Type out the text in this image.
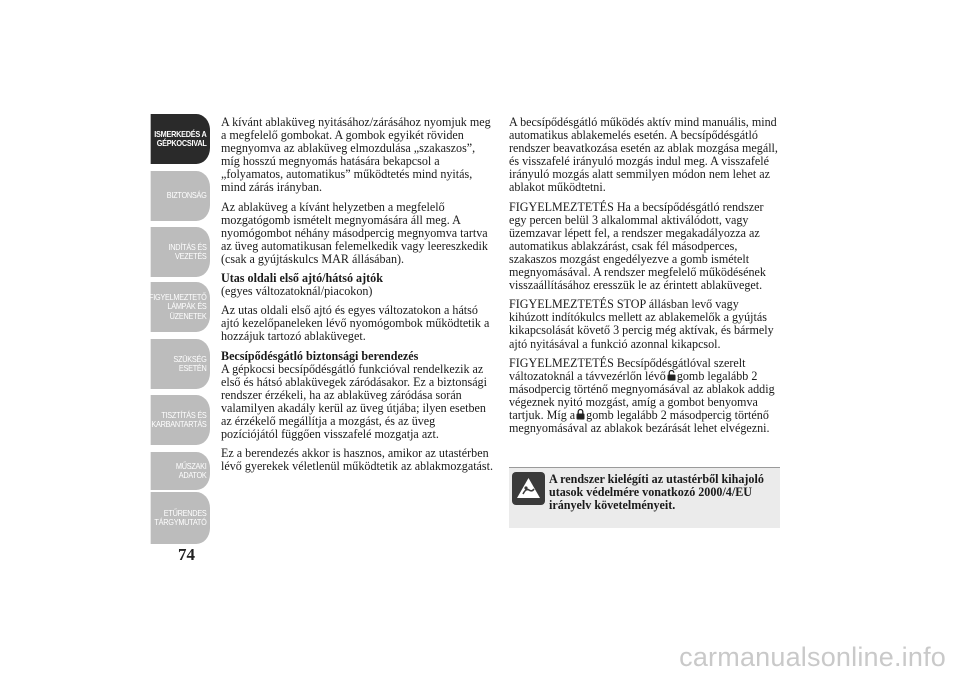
ISMERKEDÉS A
GÉPKOCSIVAL
BIZTONSÁG
INDÍTÁS ÉS
VEZETÉS
FIGYELMEZTETŐ
LÁMPÁK ÉS
ÜZENETEK
SZÜKSÉG ESETÉN
TISZTÍTÁS ÉS
KARBANTARTÁS
MŰSZAKI ADATOK
ETŰRENDES
TÁRGYMUTATÓ
74

A kívánt ablaküveg nyitásához/zárásához nyomjuk meg a megfelelő gombokat. A gombok egyikét röviden megnyomva az ablaküveg elmozdulása „szakaszos”, míg hosszú megnyomás hatására bekapcsol a „folyamatos, automatikus” működtetés mind nyitás, mind zárás irányban.

Az ablaküveg a kívánt helyzetben a megfelelő mozgatógomb ismételt megnyomására áll meg. A nyomógombot néhány másodpercig megnyomva tartva az üveg automatikusan felemelkedik vagy leereszkedik (csak a gyújtáskulcs MAR állásában).

Utas oldali első ajtó/hátsó ajtók

(egyes változatoknál/piacokon)

Az utas oldali első ajtó és egyes változatokon a hátsó ajtó kezelőpaneleken lévő nyomógombok működtetik a hozzájuk tartozó ablaküveget.

Becsípődésgátló biztonsági berendezés

A gépkocsi becsípődésgátló funkcióval rendelkezik az első és hátsó ablaküvegek záródásakor. Ez a biztonsági rendszer érzékeli, ha az ablaküveg záródása során valamilyen akadály kerül az üveg útjába; ilyen esetben az érzékelő megállítja a mozgást, és az üveg pozíciójától függően visszafelé mozgatja azt.

Ez a berendezés akkor is hasznos, amikor az utastérben lévő gyerekek véletlenül működtetik az ablakmozgatást.

A becsípődésgátló működés aktív mind manuális, mind automatikus ablakemelés esetén. A becsípődésgátló rendszer beavatkozása esetén az ablak mozgása megáll, és visszafelé irányuló mozgás indul meg. A visszafelé irányuló mozgás alatt semmilyen módon nem lehet az ablakot működtetni.

FIGYELMEZTETÉS Ha a becsípődésgátló rendszer egy percen belül 3 alkalommal aktiválódott, vagy üzemzavar lépett fel, a rendszer megakadályozza az automatikus ablakzárást, csak fél másodperces, szakaszos mozgást engedélyezve a gomb ismételt megnyomásával. A rendszer megfelelő működésének visszaállításához eresszük le az érintett ablaküveget.

FIGYELMEZTETÉS STOP állásban levő vagy kihúzott indítókulcs mellett az ablakemelők a gyújtás kikapcsolását követő 3 percig még aktívak, és bármely ajtó nyitásával a funkció azonnal kikapcsol.

FIGYELMEZTETÉS Becsípődésgátlóval szerelt változatoknál a távvezérlőn lévő gomb legalább 2 másodpercig történő megnyomásával az ablakok addig végeznek nyitó mozgást, amíg a gombot benyomva tartjuk. Míg a gomb legalább 2 másodpercig történő megnyomásával az ablakok bezárását lehet elvégezni.

A rendszer kielégíti az utastérből kihajoló utasok védelmére vonatkozó 2000/4/EU irányelv követelményeit.
carmanualsonline.info
